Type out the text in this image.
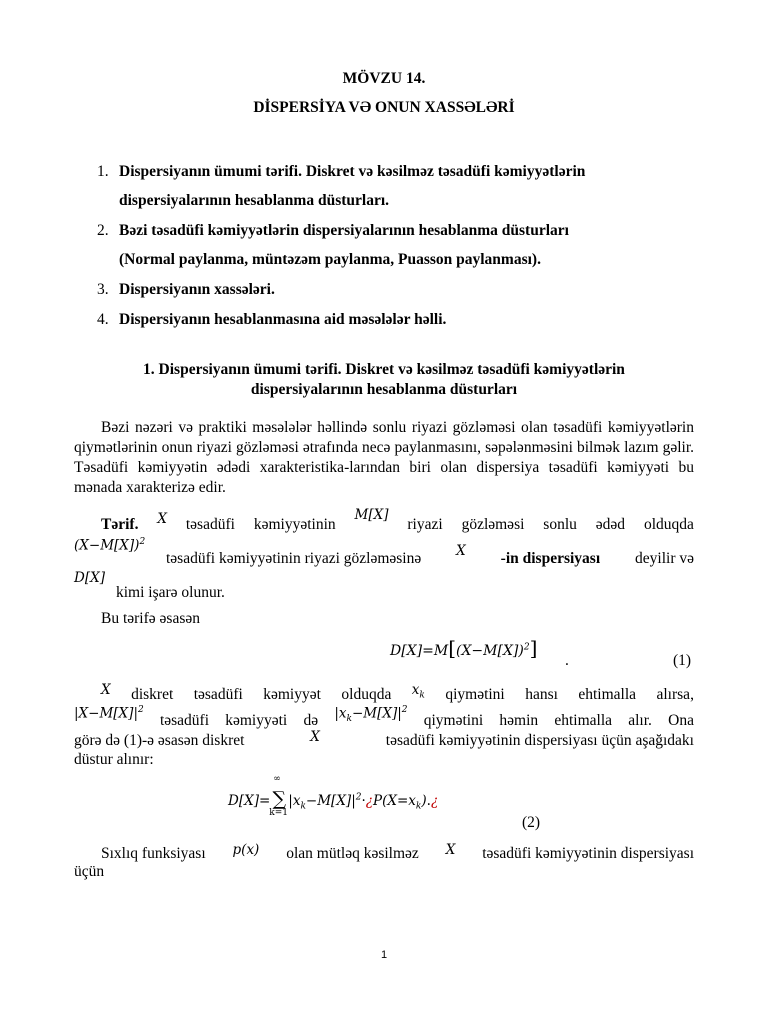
MÖVZU 14.
DİSPERSİYA VƏ ONUN XASSƏLƏRİ
1. Dispersiyanın ümumi tərifi. Diskret və kəsilməz təsadüfi kəmiyyətlərin
dispersiyalarının hesablanma düsturları.
2. Bəzi təsadüfi kəmiyyətlərin dispersiyalarının hesablanma düsturları
(Normal paylanma, müntəzəm paylanma, Puasson paylanması).
3. Dispersiyanın xassələri.
4. Dispersiyanın hesablanmasına aid məsələlər həlli.
1. Dispersiyanın ümumi tərifi. Diskret və kəsilməz təsadüfi kəmiyyətlərin
dispersiyalarının hesablanma düsturları
Bəzi nəzəri və praktiki məsələlər həllində sonlu riyazi gözləməsi olan təsadüfi kəmiyyətlərin qiymətlərinin onun riyazi gözləməsi ətrafında necə paylanmasını, səpələnməsini bilmək lazım gəlir. Təsadüfi kəmiyyətin ədədi xarakteristika-larından biri olan dispersiya təsadüfi kəmiyyəti bu mənada xarakterizə edir.
Tərif. X təsadüfi kəmiyyətinin
M[X]
riyazi gözləməsi sonlu ədəd olduqda
$(X-M[X])^2$
təsadüfi kəmiyyətinin riyazi gözləməsinə	X -in dispersiyası deyilir və
D[X]
kimi işarə olunur.
Bu tərifə əsasən
$D[X]=M[(X-M[X])^2]$
.	(1)
X diskret təsadüfi kəmiyyət olduqda $x_k$ qiymətini hansı ehtimalla alırsa,
$|X-M[X]|^2$
təsadüfi kəmiyyəti də $|x_k-M[X]|^2$
qiymətini həmin ehtimalla alır. Ona
görə də (1)-ə əsasən diskret	X	təsadüfi kəmiyyətinin dispersiyası üçün aşağıdakı
düstur alınır:
D[X]=
∞
∑
k=1
$|x_k-M[X]|^2\cdot¿P(X=x_k).¿$
(2)
Sıxlıq funksiyası p(x) olan mütləq kəsilməz X təsadüfi kəmiyyətinin dispersiyası
üçün
1
